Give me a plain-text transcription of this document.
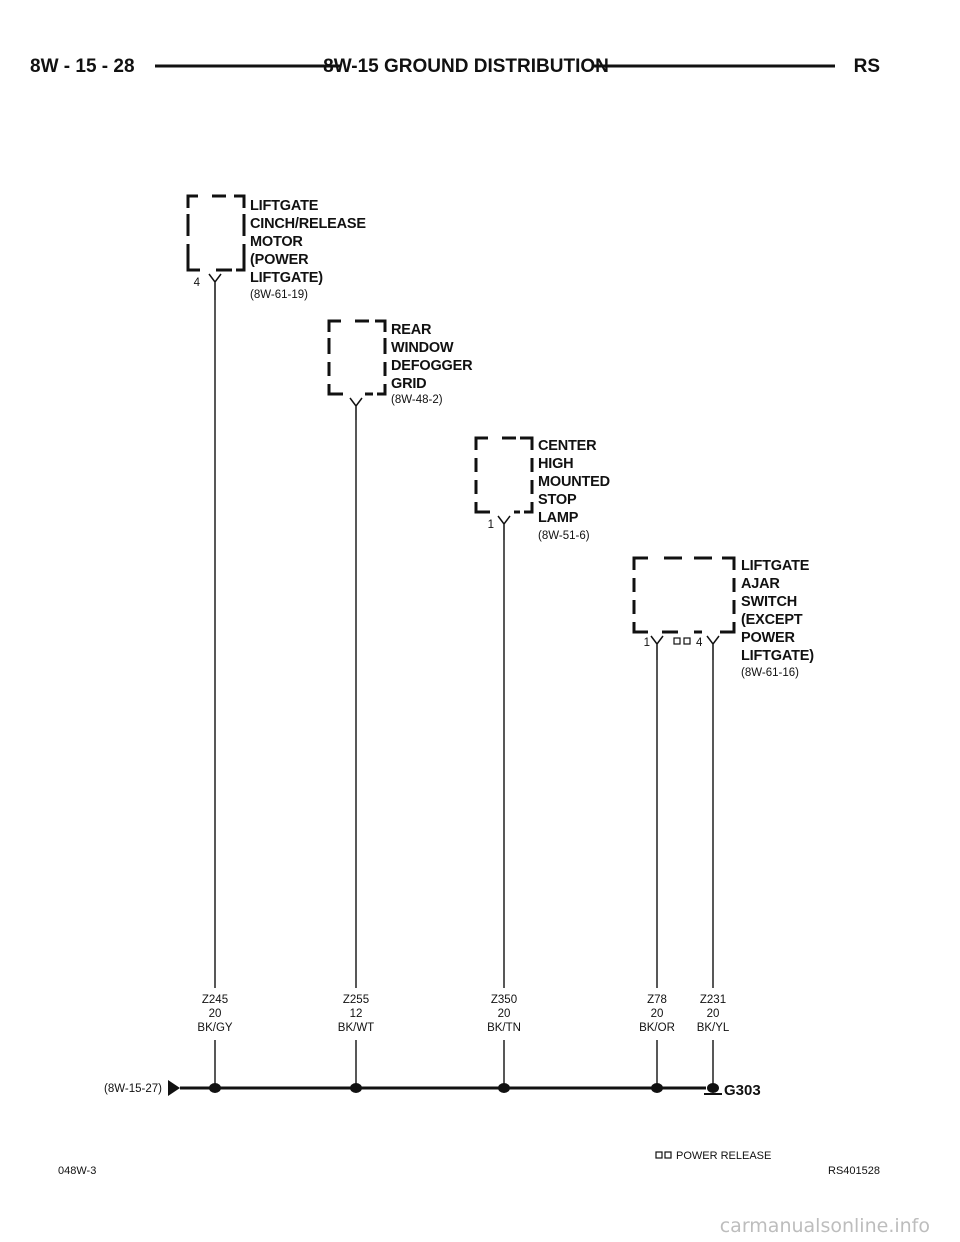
8W - 15 - 28	8W-15 GROUND DISTRIBUTION	RS
4
LIFTGATE
CINCH/RELEASE
MOTOR
(POWER
LIFTGATE)
(8W-61-19)
REAR
WINDOW
DEFOGGER
GRID
(8W-48-2)
1
CENTER
HIGH
MOUNTED
STOP
LAMP
(8W-51-6)
1	4
LIFTGATE
AJAR
SWITCH
(EXCEPT
POWER
LIFTGATE)
(8W-61-16)
Z245
20
BK/GY
Z255
12
BK/WT
Z350
20
BK/TN
Z78
20
BK/OR
Z231
20
BK/YL
(8W-15-27)	G303
POWER RELEASE
048W-3	RS401528
carmanualsonline.info
